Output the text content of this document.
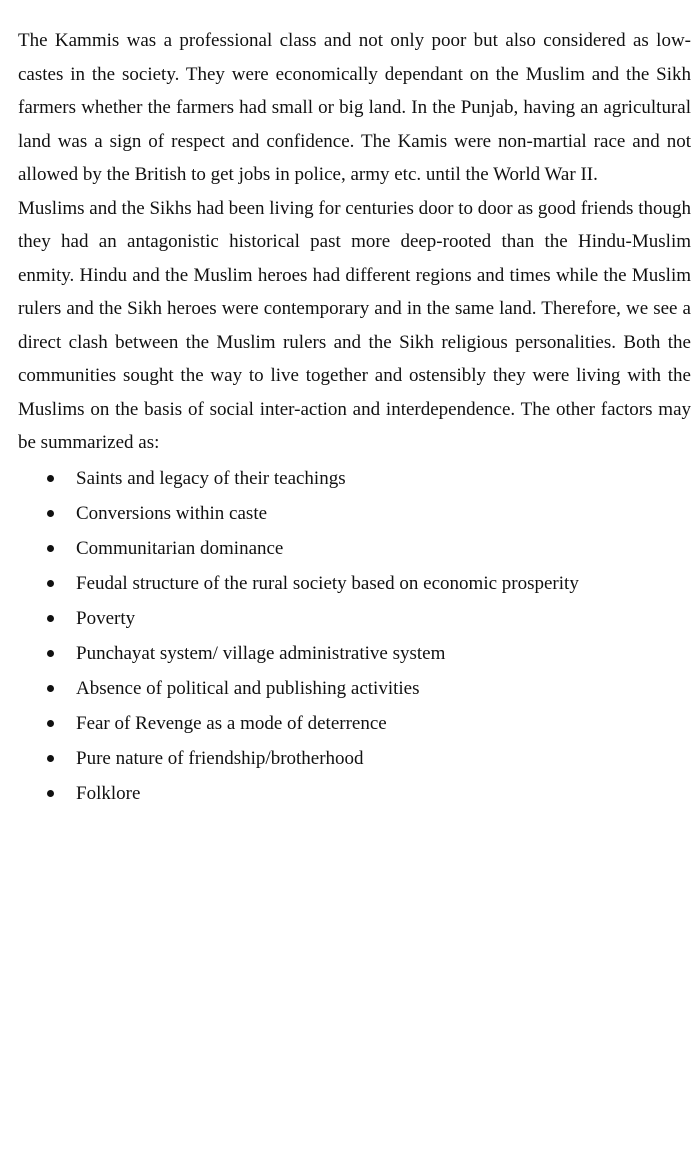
The Kammis was a professional class and not only poor but also considered as low-castes in the society. They were economically dependant on the Muslim and the Sikh farmers whether the farmers had small or big land. In the Punjab, having an agricultural land was a sign of respect and confidence. The Kamis were non-martial race and not allowed by the British to get jobs in police, army etc. until the World War II.

Muslims and the Sikhs had been living for centuries door to door as good friends though they had an antagonistic historical past more deep-rooted than the Hindu-Muslim enmity. Hindu and the Muslim heroes had different regions and times while the Muslim rulers and the Sikh heroes were contemporary and in the same land. Therefore, we see a direct clash between the Muslim rulers and the Sikh religious personalities. Both the communities sought the way to live together and ostensibly they were living with the Muslims on the basis of social inter-action and interdependence. The other factors may be summarized as:

Saints and legacy of their teachings
Conversions within caste
Communitarian dominance
Feudal structure of the rural society based on economic prosperity
Poverty
Punchayat system/ village administrative system
Absence of political and publishing activities
Fear of Revenge as a mode of deterrence
Pure nature of friendship/brotherhood
Folklore
